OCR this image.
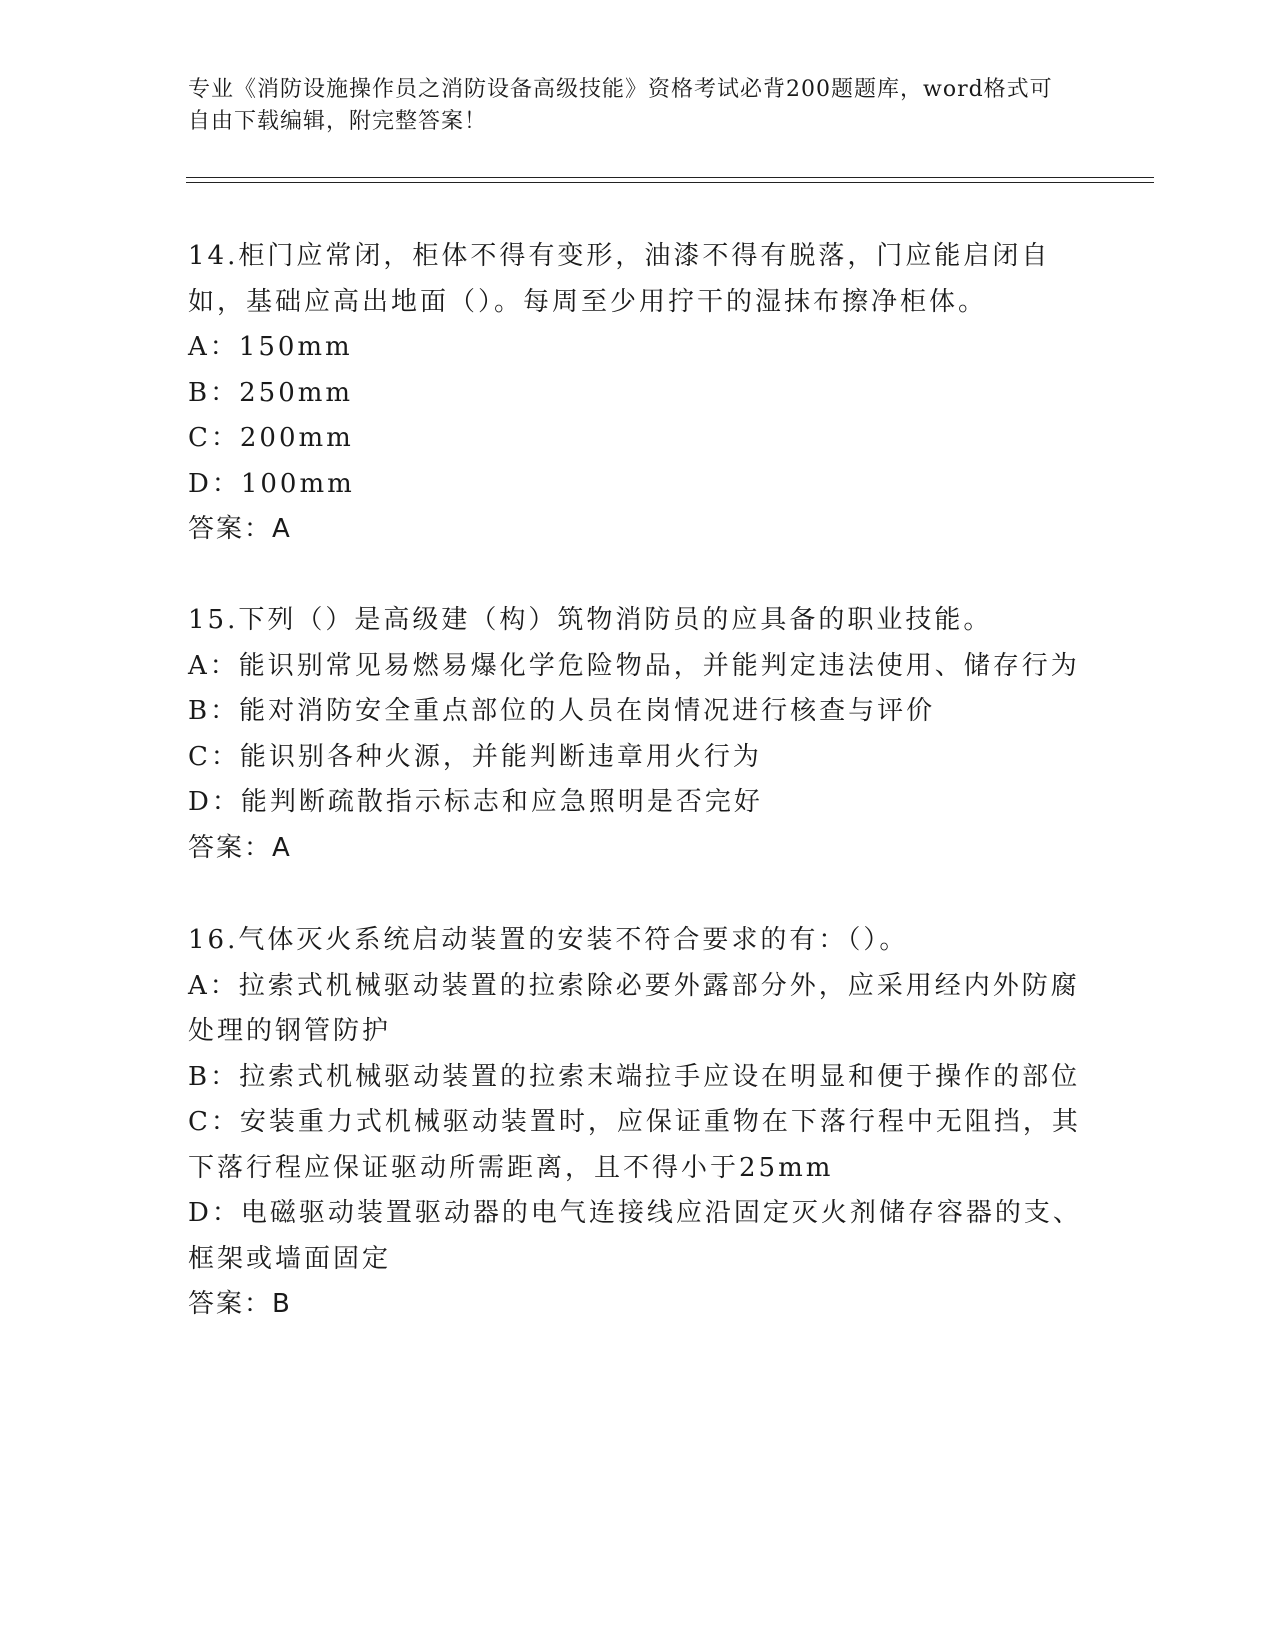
专业《消防设施操作员之消防设备高级技能》资格考试必背200题题库，word格式可自由下载编辑，附完整答案！

14.柜门应常闭，柜体不得有变形，油漆不得有脱落，门应能启闭自如，基础应高出地面（）。每周至少用拧干的湿抹布擦净柜体。

A：150mm

B：250mm

C：200mm

D：100mm

答案：A

15.下列（）是高级建（构）筑物消防员的应具备的职业技能。

A：能识别常见易燃易爆化学危险物品，并能判定违法使用、储存行为

B：能对消防安全重点部位的人员在岗情况进行核查与评价

C：能识别各种火源，并能判断违章用火行为

D：能判断疏散指示标志和应急照明是否完好

答案：A

16.气体灭火系统启动装置的安装不符合要求的有：（）。

A：拉索式机械驱动装置的拉索除必要外露部分外，应采用经内外防腐处理的钢管防护

B：拉索式机械驱动装置的拉索末端拉手应设在明显和便于操作的部位

C：安装重力式机械驱动装置时，应保证重物在下落行程中无阻挡，其下落行程应保证驱动所需距离，且不得小于25mm

D：电磁驱动装置驱动器的电气连接线应沿固定灭火剂储存容器的支、框架或墙面固定

答案：B
